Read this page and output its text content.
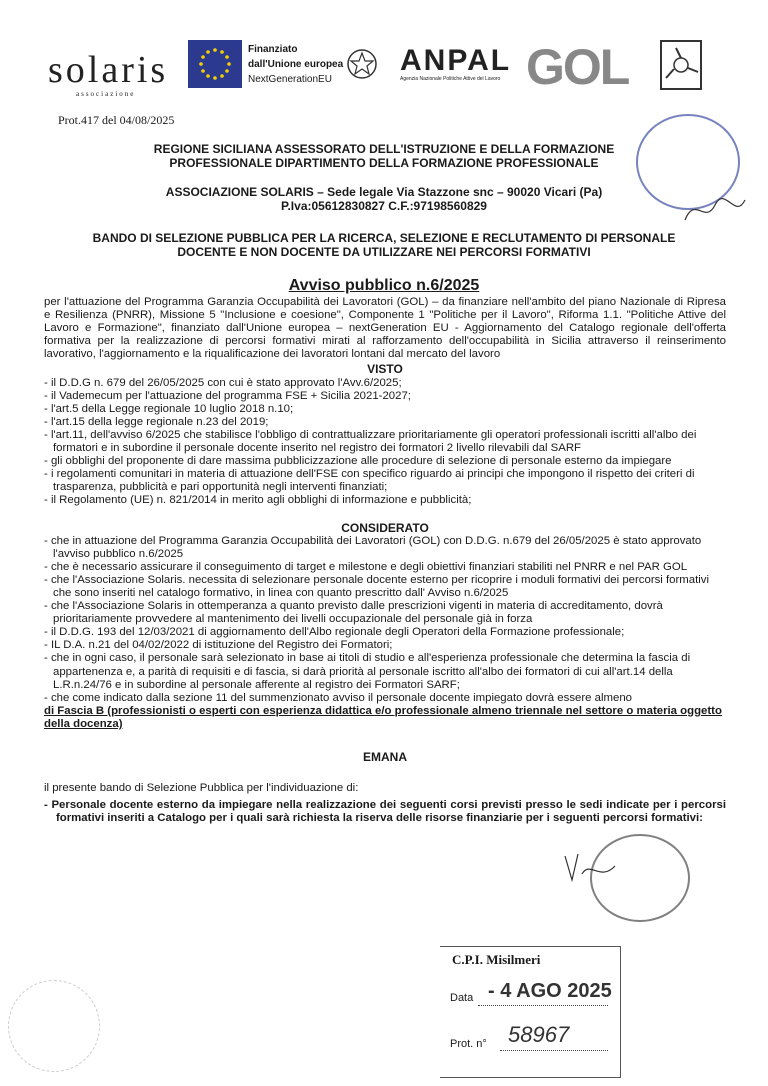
solaris
associazione
Finanziato
dall'Unione europea
NextGenerationEU
ANPAL
Agenzia Nazionale Politiche Attive del Lavoro GOL
Prot.417 del 04/08/2025
REGIONE SICILIANA ASSESSORATO DELL'ISTRUZIONE E DELLA FORMAZIONE
PROFESSIONALE DIPARTIMENTO DELLA FORMAZIONE PROFESSIONALE
ASSOCIAZIONE SOLARIS – Sede legale Via Stazzone snc – 90020 Vicari (Pa)
P.Iva:05612830827 C.F.:97198560829
BANDO DI SELEZIONE PUBBLICA PER LA RICERCA, SELEZIONE E RECLUTAMENTO DI PERSONALE
DOCENTE E NON DOCENTE DA UTILIZZARE NEI PERCORSI FORMATIVI
Avviso pubblico n.6/2025

per l'attuazione del Programma Garanzia Occupabilità dei Lavoratori (GOL) – da finanziare nell'ambito del piano Nazionale di Ripresa e Resilienza (PNRR), Missione 5 "Inclusione e coesione", Componente 1 "Politiche per il Lavoro", Riforma 1.1. "Politiche Attive del Lavoro e Formazione", finanziato dall'Unione europea – nextGeneration EU - Aggiornamento del Catalogo regionale dell'offerta formativa per la realizzazione di percorsi formativi mirati al rafforzamento dell'occupabilità in Sicilia attraverso il reinserimento lavorativo, l'aggiornamento e la riqualificazione dei lavoratori lontani dal mercato del lavoro

VISTO

- il D.D.G n. 679 del 26/05/2025 con cui è stato approvato l'Avv.6/2025;

- il Vademecum per l'attuazione del programma FSE + Sicilia 2021-2027;

- l'art.5 della Legge regionale 10 luglio 2018 n.10;

- l'art.15 della legge regionale n.23 del 2019;

- l'art.11, dell'avviso 6/2025 che stabilisce l'obbligo di contrattualizzare prioritariamente gli operatori professionali iscritti all'albo dei formatori e in subordine il personale docente inserito nel registro dei formatori 2 livello rilevabili dal SARF

- gli obblighi del proponente di dare massima pubblicizzazione alle procedure di selezione di personale esterno da impiegare

- i regolamenti comunitari in materia di attuazione dell'FSE con specifico riguardo ai principi che impongono il rispetto dei criteri di trasparenza, pubblicità e pari opportunità negli interventi finanziati;

- il Regolamento (UE) n. 821/2014 in merito agli obblighi di informazione e pubblicità;

CONSIDERATO

- che in attuazione del Programma Garanzia Occupabilità dei Lavoratori (GOL) con D.D.G. n.679 del 26/05/2025 è stato approvato l'avviso pubblico n.6/2025

- che è necessario assicurare il conseguimento di target e milestone e degli obiettivi finanziari stabiliti nel PNRR e nel PAR GOL

- che l'Associazione Solaris. necessita di selezionare personale docente esterno per ricoprire i moduli formativi dei percorsi formativi che sono inseriti nel catalogo formativo, in linea con quanto prescritto dall' Avviso n.6/2025

- che l'Associazione Solaris in ottemperanza a quanto previsto dalle prescrizioni vigenti in materia di accreditamento, dovrà prioritariamente provvedere al mantenimento dei livelli occupazionale del personale già in forza

- il D.D.G. 193 del 12/03/2021 di aggiornamento dell'Albo regionale degli Operatori della Formazione professionale;

- IL D.A. n.21 del 04/02/2022 di istituzione del Registro dei Formatori;

- che in ogni caso, il personale sarà selezionato in base ai titoli di studio e all'esperienza professionale che determina la fascia di appartenenza e, a parità di requisiti e di fascia, si darà priorità al personale iscritto all'albo dei formatori di cui all'art.14 della L.R.n.24/76 e in subordine al personale afferente al registro dei Formatori SARF;

- che come indicato dalla sezione 11 del summenzionato avviso il personale docente impiegato dovrà essere almeno

di Fascia B (professionisti o esperti con esperienza didattica e/o professionale almeno triennale nel settore o materia oggetto della docenza)

EMANA

il presente bando di Selezione Pubblica per l'individuazione di:

- Personale docente esterno da impiegare nella realizzazione dei seguenti corsi previsti presso le sedi indicate per i percorsi formativi inseriti a Catalogo per i quali sarà richiesta la riserva delle risorse finanziarie per i seguenti percorsi formativi:

C.P.I. Misilmeri
Data - 4 AGO 2025
Prot. n° 58967
